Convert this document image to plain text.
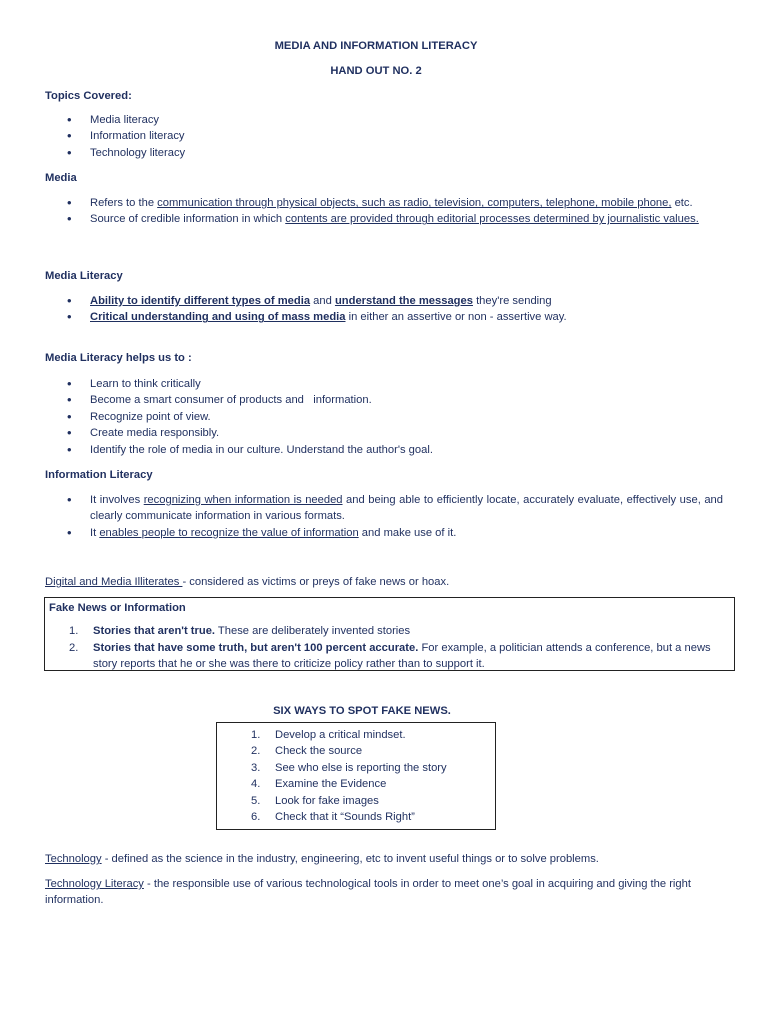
MEDIA AND INFORMATION LITERACY
HAND OUT NO. 2
Topics Covered:
• Media literacy
• Information literacy
• Technology literacy
Media
• Refers to the communication through physical objects, such as radio, television, computers, telephone, mobile phone, etc.
• Source of credible information in which contents are provided through editorial processes determined by journalistic values.
Media Literacy
• Ability to identify different types of media and understand the messages they're sending
• Critical understanding and using of mass media in either an assertive or non - assertive way.
Media Literacy helps us to :
• Learn to think critically
• Become a smart consumer of products and   information.
• Recognize point of view.
• Create media responsibly.
• Identify the role of media in our culture. Understand the author's goal.
Information Literacy
• It involves recognizing when information is needed and being able to efficiently locate, accurately evaluate, effectively use, and clearly communicate information in various formats.
• It enables people to recognize the value of information and make use of it.
Digital and Media Illiterates - considered as victims or preys of fake news or hoax.
Fake News or Information
1. Stories that aren't true. These are deliberately invented stories
2. Stories that have some truth, but aren't 100 percent accurate. For example, a politician attends a conference, but a news story reports that he or she was there to criticize policy rather than to support it.
SIX WAYS TO SPOT FAKE NEWS.
1. Develop a critical mindset.
2. Check the source
3. See who else is reporting the story
4. Examine the Evidence
5. Look for fake images
6. Check that it “Sounds Right”
Technology - defined as the science in the industry, engineering, etc to invent useful things or to solve problems.
Technology Literacy - the responsible use of various technological tools in order to meet one’s goal in acquiring and giving the right information.
